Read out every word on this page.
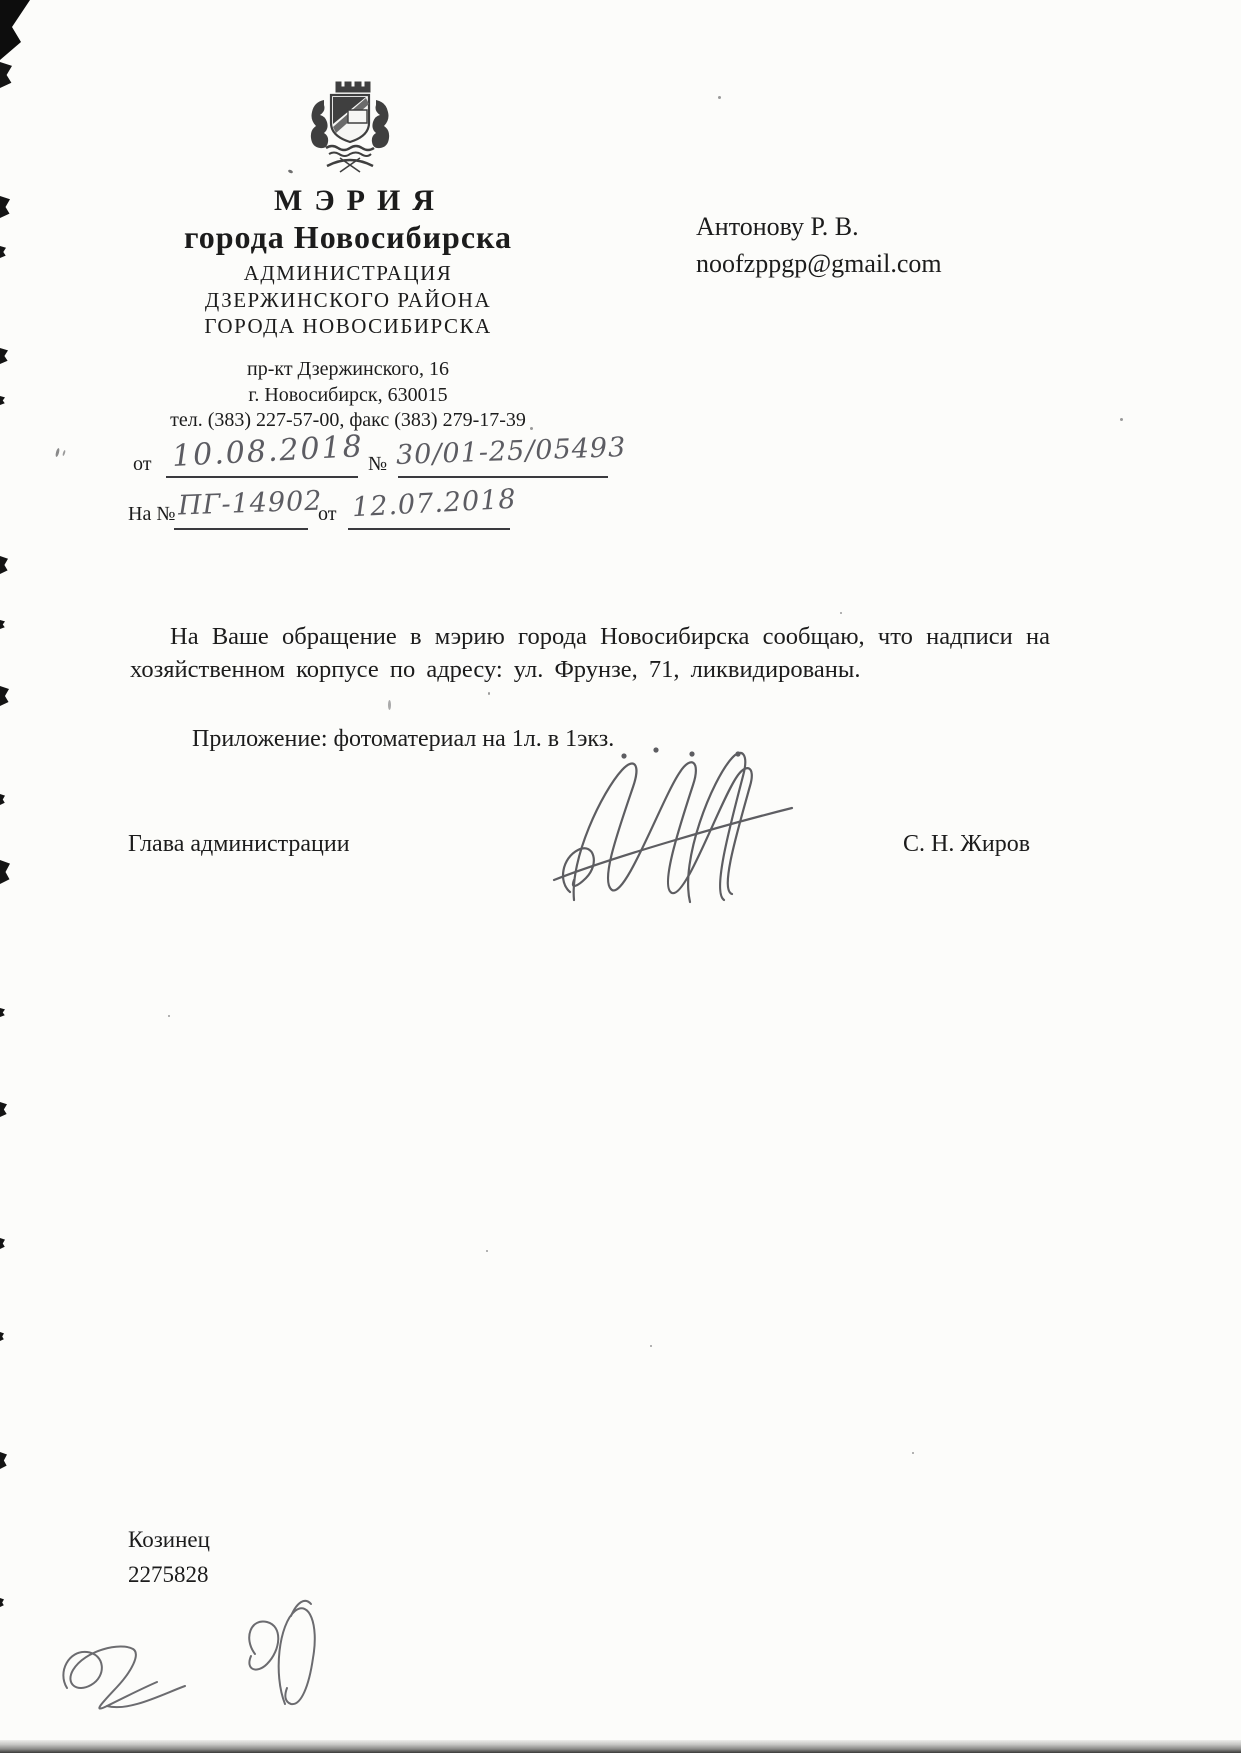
МЭРИЯ
города Новосибирска
АДМИНИСТРАЦИЯ
ДЗЕРЖИНСКОГО РАЙОНА
ГОРОДА НОВОСИБИРСКА
пр-кт Дзержинского, 16
г. Новосибирск, 630015
тел. (383) 227-57-00, факс (383) 279-17-39
от 10.08.2018 № 30/01-25/05493
На № ПГ-14902
от 12.07.2018
Антонову Р. В.
noofzppgp@gmail.com
На Ваше обращение в мэрию города Новосибирска сообщаю, что надписи на хозяйственном корпусе по адресу: ул. Фрунзе, 71, ликвидированы.
Приложение: фотоматериал на 1л. в 1экз.
Глава администрации	С. Н. Жиров
Козинец
2275828
